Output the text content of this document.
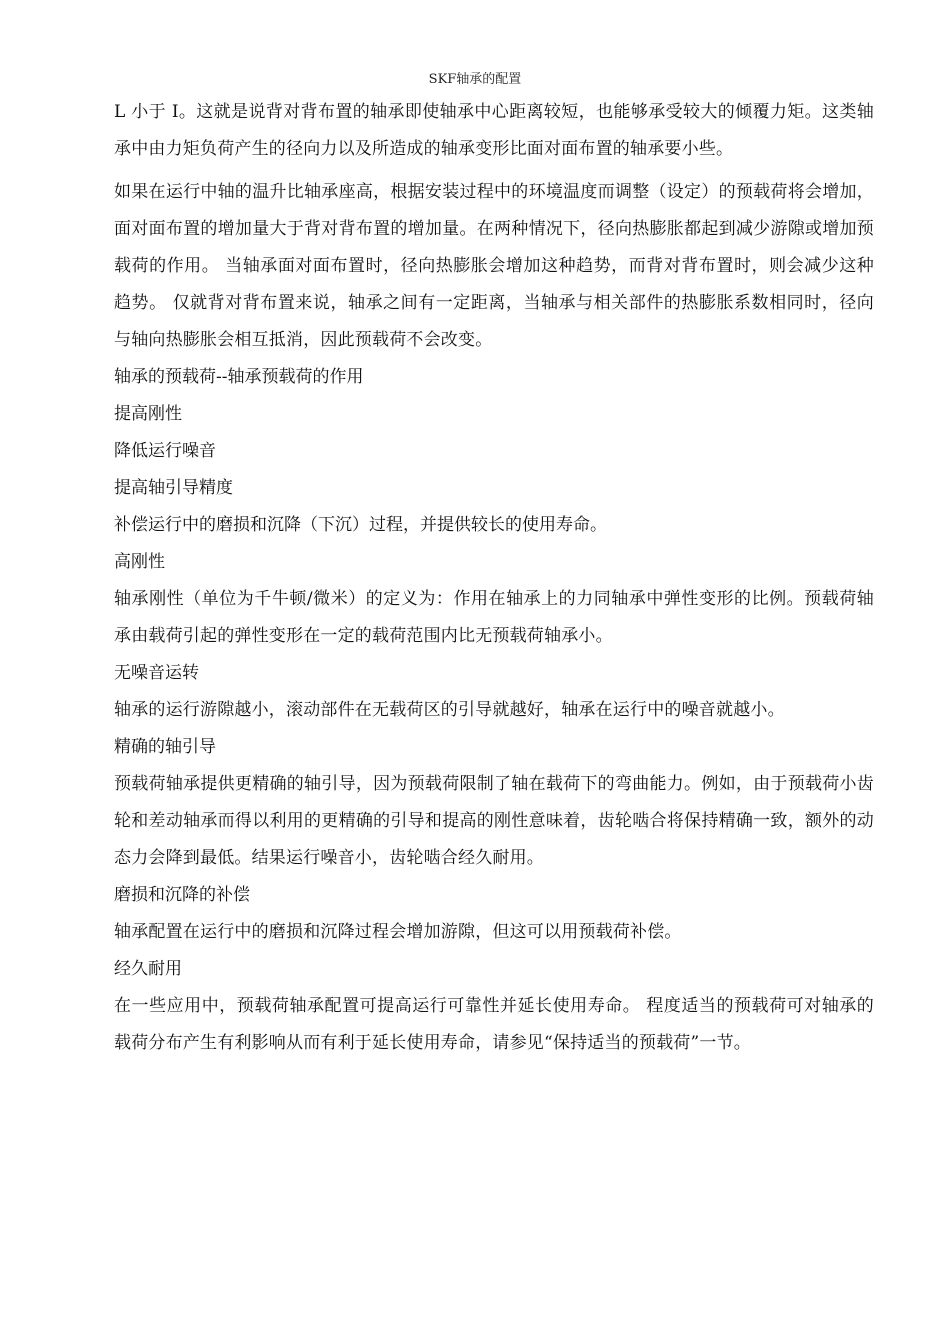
SKF轴承的配置

L 小于 I。这就是说背对背布置的轴承即使轴承中心距离较短，也能够承受较大的倾覆力矩。这类轴承中由力矩负荷产生的径向力以及所造成的轴承变形比面对面布置的轴承要小些。

如果在运行中轴的温升比轴承座高，根据安装过程中的环境温度而调整（设定）的预载荷将会增加，面对面布置的增加量大于背对背布置的增加量。在两种情况下，径向热膨胀都起到减少游隙或增加预载荷的作用。 当轴承面对面布置时，径向热膨胀会增加这种趋势，而背对背布置时，则会减少这种趋势。 仅就背对背布置来说，轴承之间有一定距离，当轴承与相关部件的热膨胀系数相同时，径向与轴向热膨胀会相互抵消，因此预载荷不会改变。

轴承的预载荷--轴承预载荷的作用

提高刚性

降低运行噪音

提高轴引导精度

补偿运行中的磨损和沉降（下沉）过程，并提供较长的使用寿命。

高刚性

轴承刚性（单位为千牛顿/微米）的定义为：作用在轴承上的力同轴承中弹性变形的比例。预载荷轴承由载荷引起的弹性变形在一定的载荷范围内比无预载荷轴承小。

无噪音运转

轴承的运行游隙越小，滚动部件在无载荷区的引导就越好，轴承在运行中的噪音就越小。

精确的轴引导

预载荷轴承提供更精确的轴引导，因为预载荷限制了轴在载荷下的弯曲能力。例如，由于预载荷小齿轮和差动轴承而得以利用的更精确的引导和提高的刚性意味着，齿轮啮合将保持精确一致，额外的动态力会降到最低。结果运行噪音小，齿轮啮合经久耐用。

磨损和沉降的补偿

轴承配置在运行中的磨损和沉降过程会增加游隙，但这可以用预载荷补偿。

经久耐用

在一些应用中，预载荷轴承配置可提高运行可靠性并延长使用寿命。 程度适当的预载荷可对轴承的载荷分布产生有利影响从而有利于延长使用寿命，请参见“保持适当的预载荷”一节。
